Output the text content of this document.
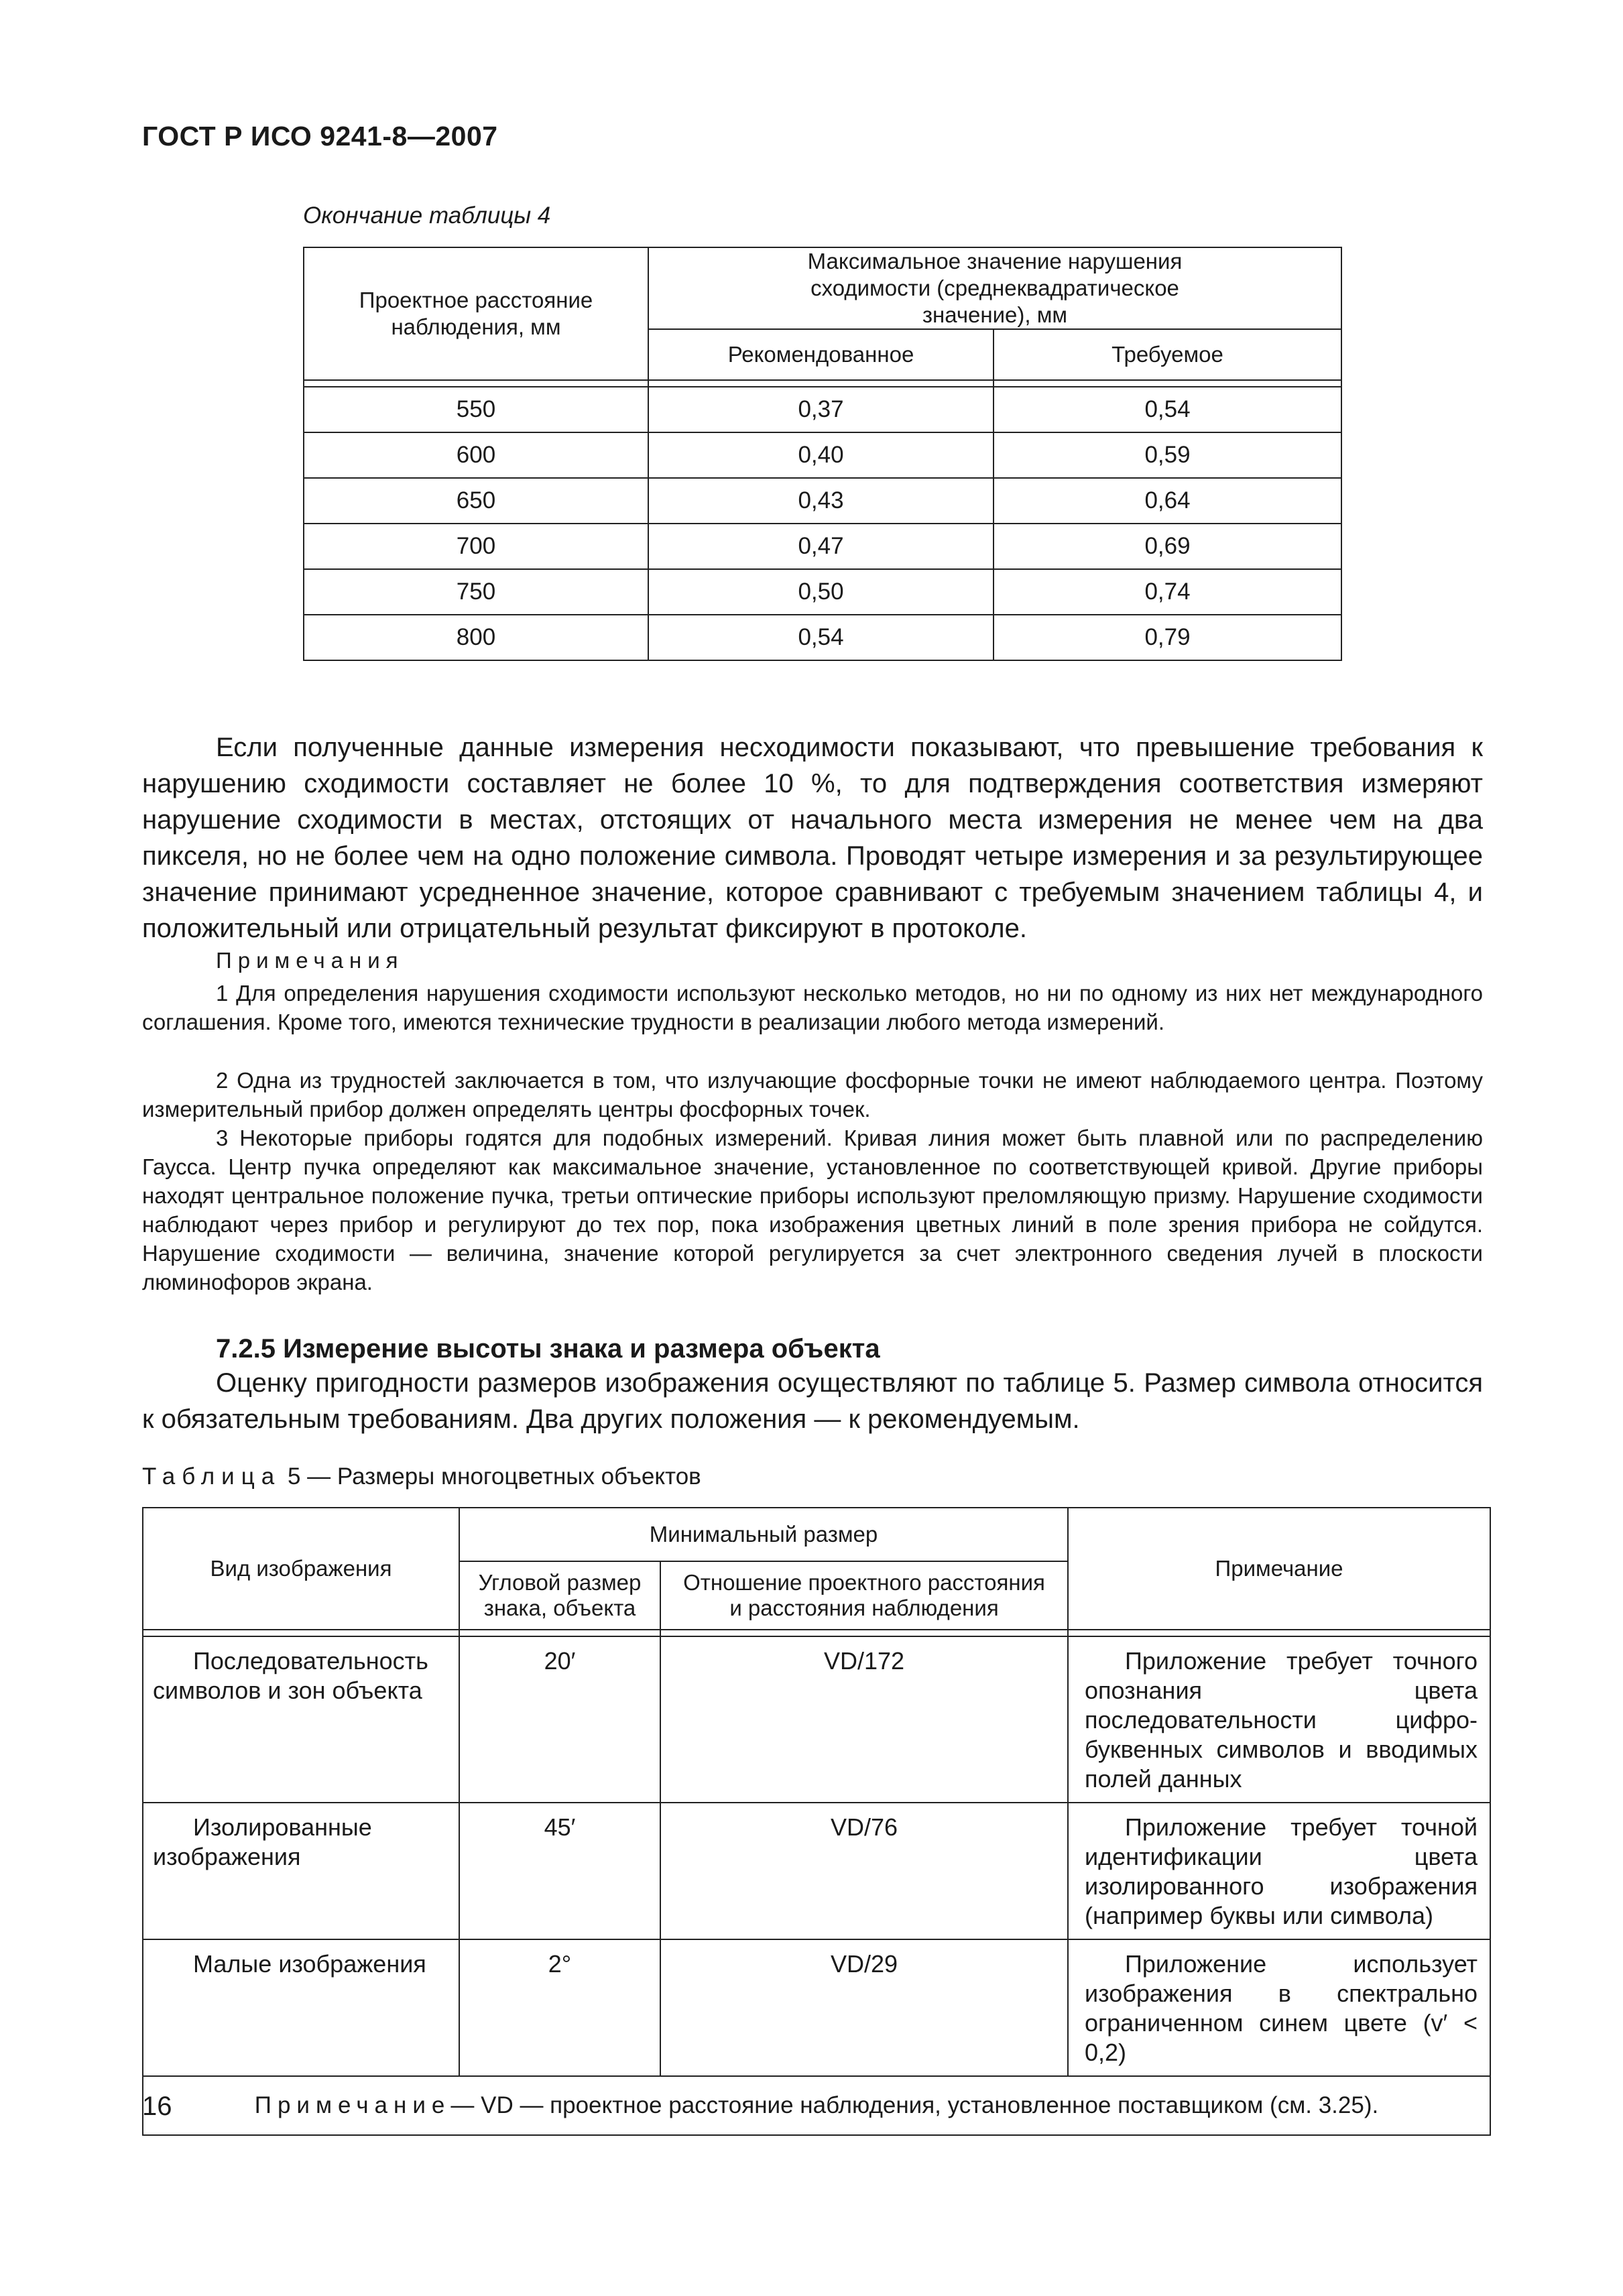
ГОСТ Р ИСО 9241-8—2007
Окончание таблицы 4
Проектное расстояние наблюдения, мм	Максимальное значение нарушения сходимости (среднеквадратическое значение), мм	
	Рекомендованное	Требуемое

550	0,37	0,54
600	0,40	0,59
650	0,43	0,64
700	0,47	0,69
750	0,50	0,74
800	0,54	0,79
Если полученные данные измерения несходимости показывают, что превышение требования к нарушению сходимости составляет не более 10 %, то для подтверждения соответствия измеряют нарушение сходимости в местах, отстоящих от начального места измерения не менее чем на два пикселя, но не более чем на одно положение символа. Проводят четыре измерения и за результирующее значение принимают усредненное значение, которое сравнивают с требуемым значением таблицы 4, и положительный или отрицательный результат фиксируют в протоколе.
Примечания
1 Для определения нарушения сходимости используют несколько методов, но ни по одному из них нет международного соглашения. Кроме того, имеются технические трудности в реализации любого метода измерений.
2 Одна из трудностей заключается в том, что излучающие фосфорные точки не имеют наблюдаемого центра. Поэтому измерительный прибор должен определять центры фосфорных точек.
3 Некоторые приборы годятся для подобных измерений. Кривая линия может быть плавной или по распределению Гаусса. Центр пучка определяют как максимальное значение, установленное по соответствующей кривой. Другие приборы находят центральное положение пучка, третьи оптические приборы используют преломляющую призму. Нарушение сходимости наблюдают через прибор и регулируют до тех пор, пока изображения цветных линий в поле зрения прибора не сойдутся. Нарушение сходимости — величина, значение которой регулируется за счет электронного сведения лучей в плоскости люминофоров экрана.
7.2.5 Измерение высоты знака и размера объекта
Оценку пригодности размеров изображения осуществляют по таблице 5. Размер символа относится к обязательным требованиям. Два других положения — к рекомендуемым.
Таблица 5 — Размеры многоцветных объектов
Вид изображения	Минимальный размер		Примечание
	Угловой размер знака, объекта	Отношение проектного расстояния и расстояния наблюдения	

Последовательность символов и зон объекта	20′	VD/172	Приложение требует точного опознания цвета последовательности цифро-буквенных символов и вводимых полей данных
Изолированные изображения	45′	VD/76	Приложение требует точной идентификации цвета изолированного изображения (например буквы или символа)
Малые изображения	2°	VD/29	Приложение использует изображения в спектрально ограниченном синем цвете (v′ < 0,2)
Примечание— VD — проектное расстояние наблюдения, установленное поставщиком (см. 3.25).			
16
